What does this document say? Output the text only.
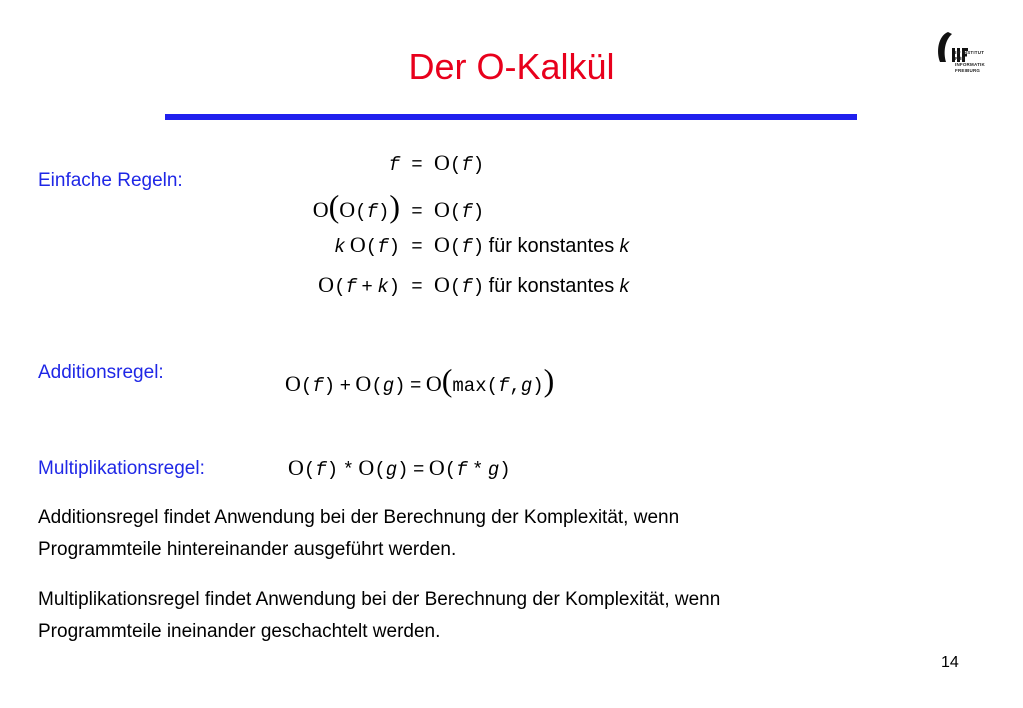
Der O-Kalkül	IIF INSTITUT FÜR INFORMATIK FREIBURG
Einfache Regeln:
Additionsregel:
Multiplikationsregel:
f = O(f)
O(O(f)) = O(f)
k O(f) = O(f) für konstantes k
O(f + k) = O(f) für konstantes k
O ( f )
+
O ( g )
=
O ( max ( f , g ) )
O ( f )
*
O ( g )
=
O ( f
*
g )
Additionsregel findet Anwendung bei der Berechnung der Komplexität, wenn
Programmteile hintereinander ausgeführt werden.
Multiplikationsregel findet Anwendung bei der Berechnung der Komplexität, wenn
Programmteile ineinander geschachtelt werden.
14
